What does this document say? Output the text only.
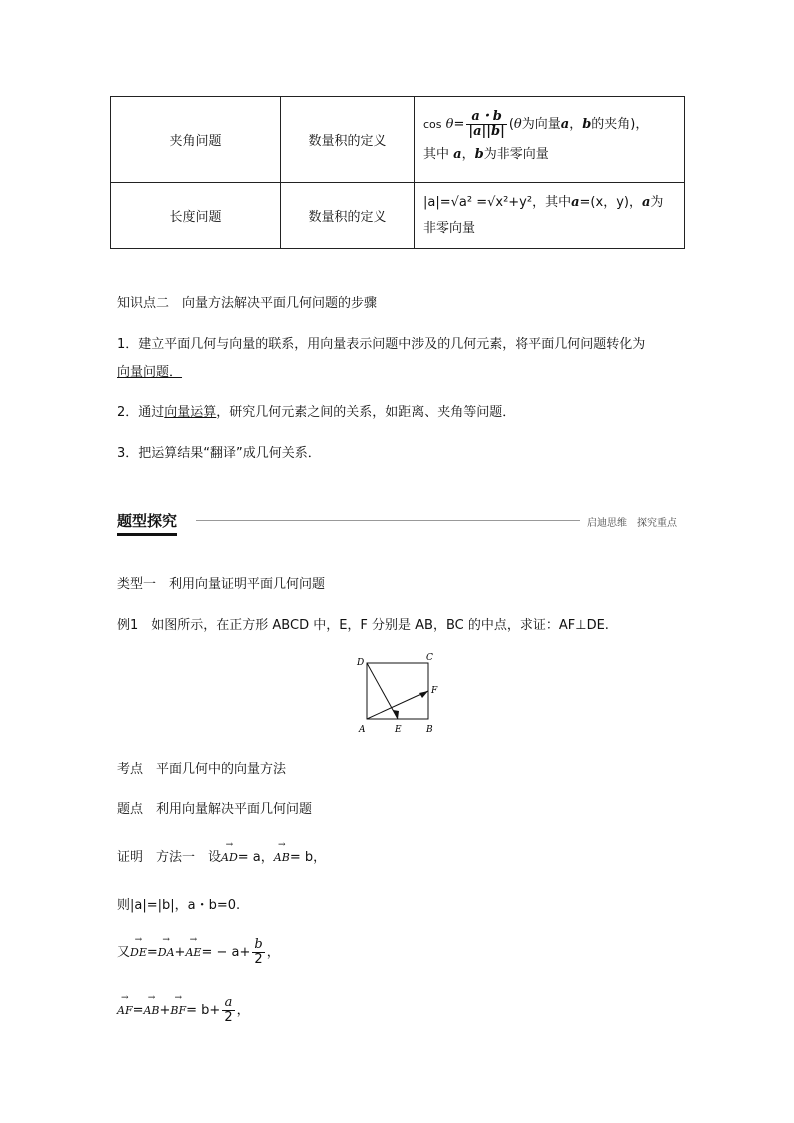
夹角问题	数量积的定义	$\cos \theta= \frac{a・b}{|a||b|} (\theta$为向量a，b的夹角)，
其中 a，b为非零向量

长度问题	数量积的定义	|a|=√a² =√x²+y²，其中a=(x，y)，a为
非零向量
知识点二　向量方法解决平面几何问题的步骤
1．建立平面几何与向量的联系，用向量表示问题中涉及的几何元素，将平面几何问题转化为
向量问题．
2．通过向量运算，研究几何元素之间的关系，如距离、夹角等问题．
3．把运算结果“翻译”成几何关系．
题型探究	启迪思维　探究重点
类型一　利用向量证明平面几何问题
例1　如图所示，在正方形 ABCD 中，E，F 分别是 AB，BC 的中点，求证：AF⊥DE.
D	C
F
A	E	B
考点　平面几何中的向量方法
题点　利用向量解决平面几何问题
证明　方法一　设→ AD= a，→ AB= b，
则|a|=|b|，a・b=0.
又→ $DE=\to DA+\to AE= - a+ \frac{b}{2}$ ，
→ $AF=\to AB+\to BF= b+ \frac{a}{2}$ ，
